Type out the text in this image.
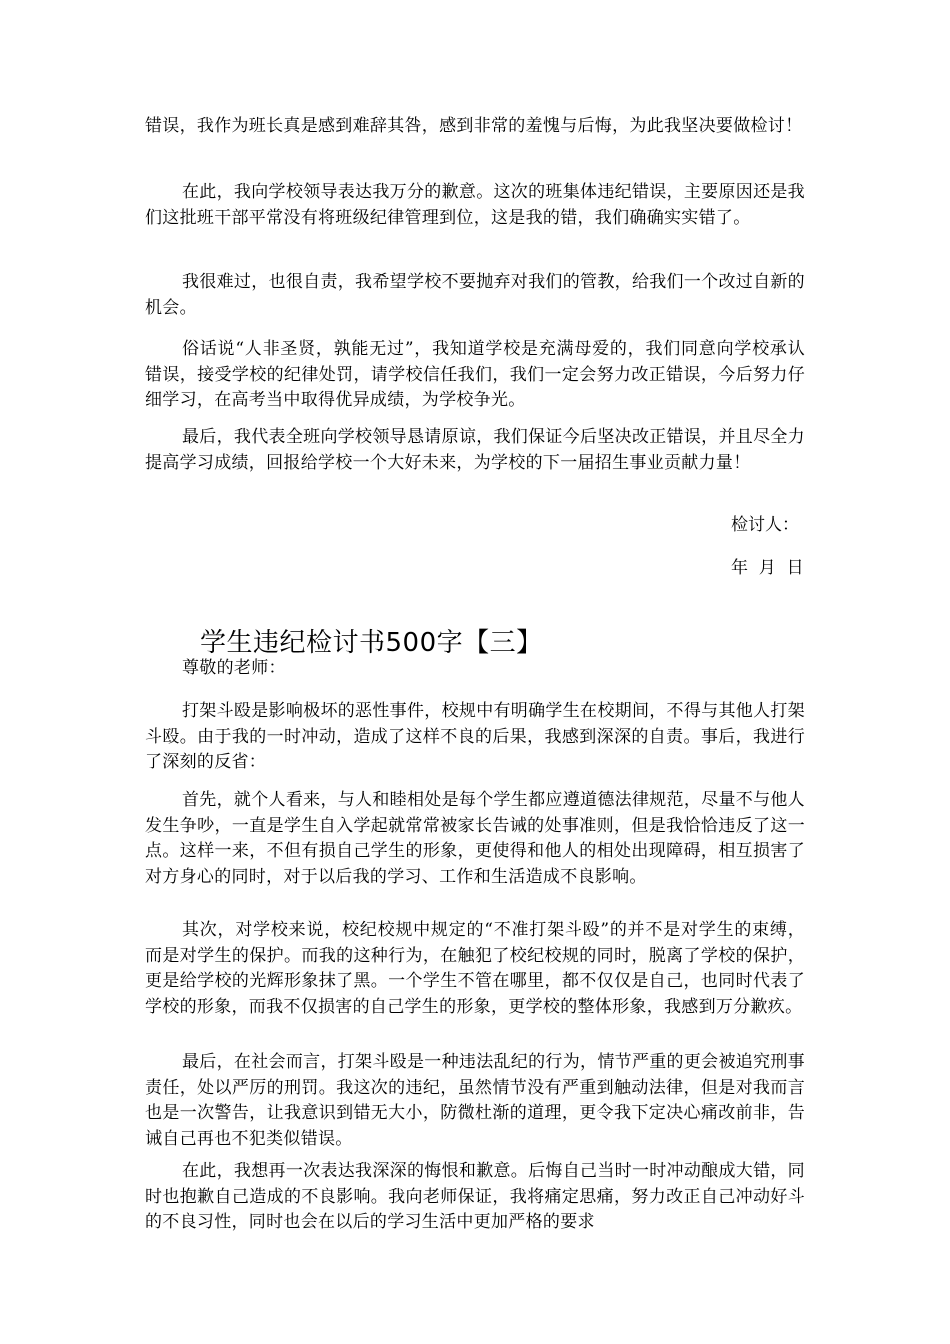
错误，我作为班长真是感到难辞其咎，感到非常的羞愧与后悔，为此我坚决要做检讨！

在此，我向学校领导表达我万分的歉意。这次的班集体违纪错误，主要原因还是我们这批班干部平常没有将班级纪律管理到位，这是我的错，我们确确实实错了。

我很难过，也很自责，我希望学校不要抛弃对我们的管教，给我们一个改过自新的机会。

俗话说“人非圣贤，孰能无过”，我知道学校是充满母爱的，我们同意向学校承认错误，接受学校的纪律处罚，请学校信任我们，我们一定会努力改正错误，今后努力仔细学习，在高考当中取得优异成绩，为学校争光。

最后，我代表全班向学校领导恳请原谅，我们保证今后坚决改正错误，并且尽全力提高学习成绩，回报给学校一个大好未来，为学校的下一届招生事业贡献力量！

检讨人：
年  月  日
学生违纪检讨书500字【三】

尊敬的老师：

打架斗殴是影响极坏的恶性事件，校规中有明确学生在校期间，不得与其他人打架斗殴。由于我的一时冲动，造成了这样不良的后果，我感到深深的自责。事后，我进行了深刻的反省：

首先，就个人看来，与人和睦相处是每个学生都应遵道德法律规范，尽量不与他人发生争吵，一直是学生自入学起就常常被家长告诫的处事准则，但是我恰恰违反了这一点。这样一来，不但有损自己学生的形象，更使得和他人的相处出现障碍，相互损害了对方身心的同时，对于以后我的学习、工作和生活造成不良影响。

其次，对学校来说，校纪校规中规定的“不准打架斗殴”的并不是对学生的束缚，而是对学生的保护。而我的这种行为，在触犯了校纪校规的同时，脱离了学校的保护，更是给学校的光辉形象抹了黑。一个学生不管在哪里，都不仅仅是自己，也同时代表了学校的形象，而我不仅损害的自己学生的形象，更学校的整体形象，我感到万分歉疚。

最后，在社会而言，打架斗殴是一种违法乱纪的行为，情节严重的更会被追究刑事责任，处以严厉的刑罚。我这次的违纪，虽然情节没有严重到触动法律，但是对我而言也是一次警告，让我意识到错无大小，防微杜渐的道理，更令我下定决心痛改前非，告诫自己再也不犯类似错误。

在此，我想再一次表达我深深的悔恨和歉意。后悔自己当时一时冲动酿成大错，同时也抱歉自己造成的不良影响。我向老师保证，我将痛定思痛，努力改正自己冲动好斗的不良习性，同时也会在以后的学习生活中更加严格的要求
